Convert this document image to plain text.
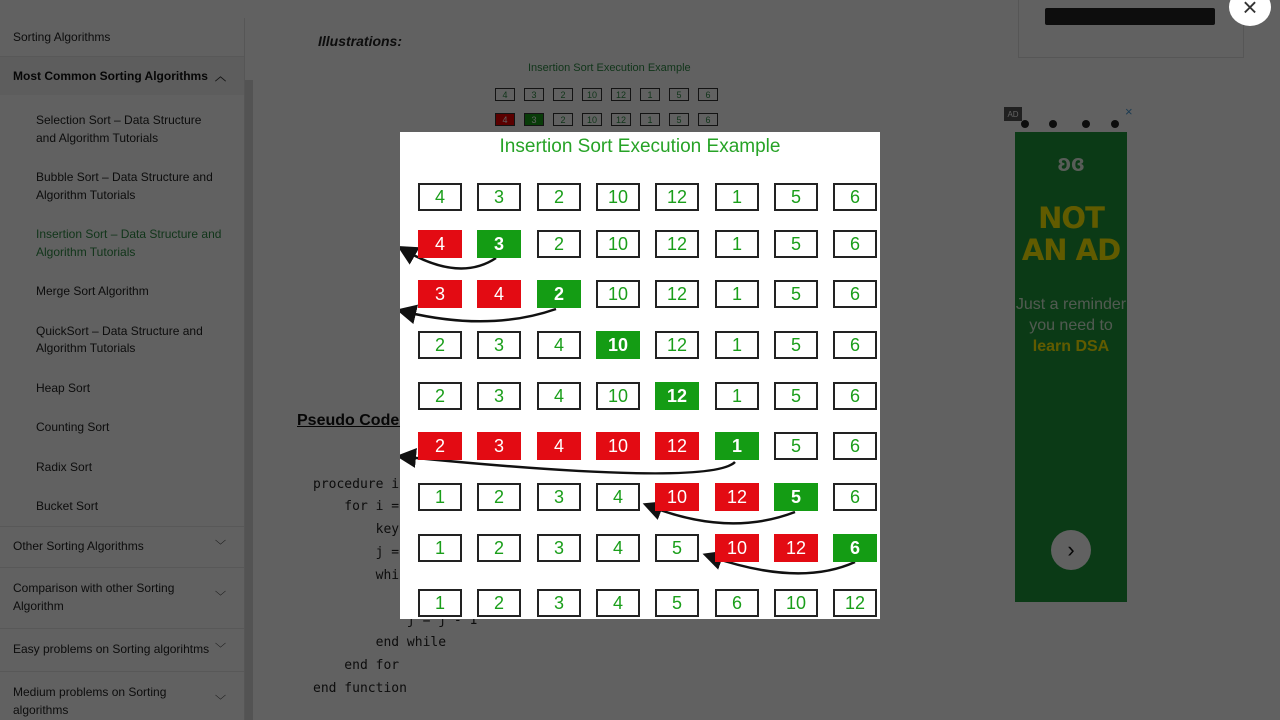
×
Insertion Sort Execution Example
4	3	2	10	12	1	5	6
4	3	2	10	12	1	5	6
3	4	2	10	12	1	5	6
2	3	4	10	12	1	5	6
2	3	4	10	12	1	5	6
2	3	4	10	12	1	5	6
1	2	3	4	10	12	5	6
1	2	3	4	5	10	12	6
1	2	3	4	5	6	10	12
